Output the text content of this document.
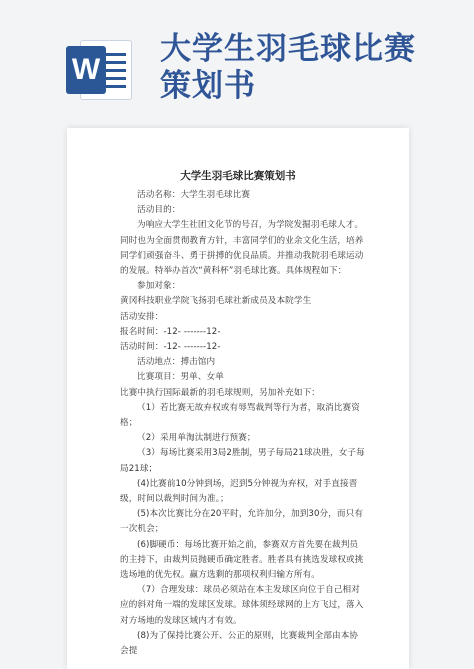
W
大学生羽毛球比赛
策划书
大学生羽毛球比赛策划书

活动名称：大学生羽毛球比赛

活动目的：

为响应大学生社团文化节的号召，为学院发掘羽毛球人才。同时也为全面贯彻教育方针，丰富同学们的业余文化生活，培养同学们顽强奋斗、勇于拼搏的优良品质。并推动我院羽毛球运动的发展。特举办首次“黄科杯”羽毛球比赛。具体规程如下：

参加对象：

黄冈科技职业学院飞扬羽毛球社新成员及本院学生

活动安排：

报名时间：-12- -------12-

活动时间：-12- -------12-

活动地点：搏击馆内

比赛项目：男单、女单

比赛中执行国际最新的羽毛球规则，另加补充如下：

（1）若比赛无故弃权或有辱骂裁判等行为者，取消比赛资格；

（2）采用单淘汰制进行预赛；

（3）每场比赛采用3局2胜制，男子每局21球决胜，女子每局21球；

(4)比赛前10分钟到场，迟到5分钟视为弃权，对手直接晋级，时间以裁判时间为准。；

(5)本次比赛比分在20平时，允许加分，加到30分，而只有一次机会；

(6)脚硬币：每场比赛开始之前，参赛双方首先要在裁判员的主持下，由裁判员抛硬币确定胜者。胜者具有挑选发球权或挑选场地的优先权。赢方选剩的那项权利归输方所有。

（7）合理发球：球员必须站在本主发球区向位于自己相对应的斜对角一端的发球区发球。球体须经球网的上方飞过，落入对方场地的发球区域内才有效。

(8)为了保持比赛公开、公正的原则，比赛裁判全部由本协会提
